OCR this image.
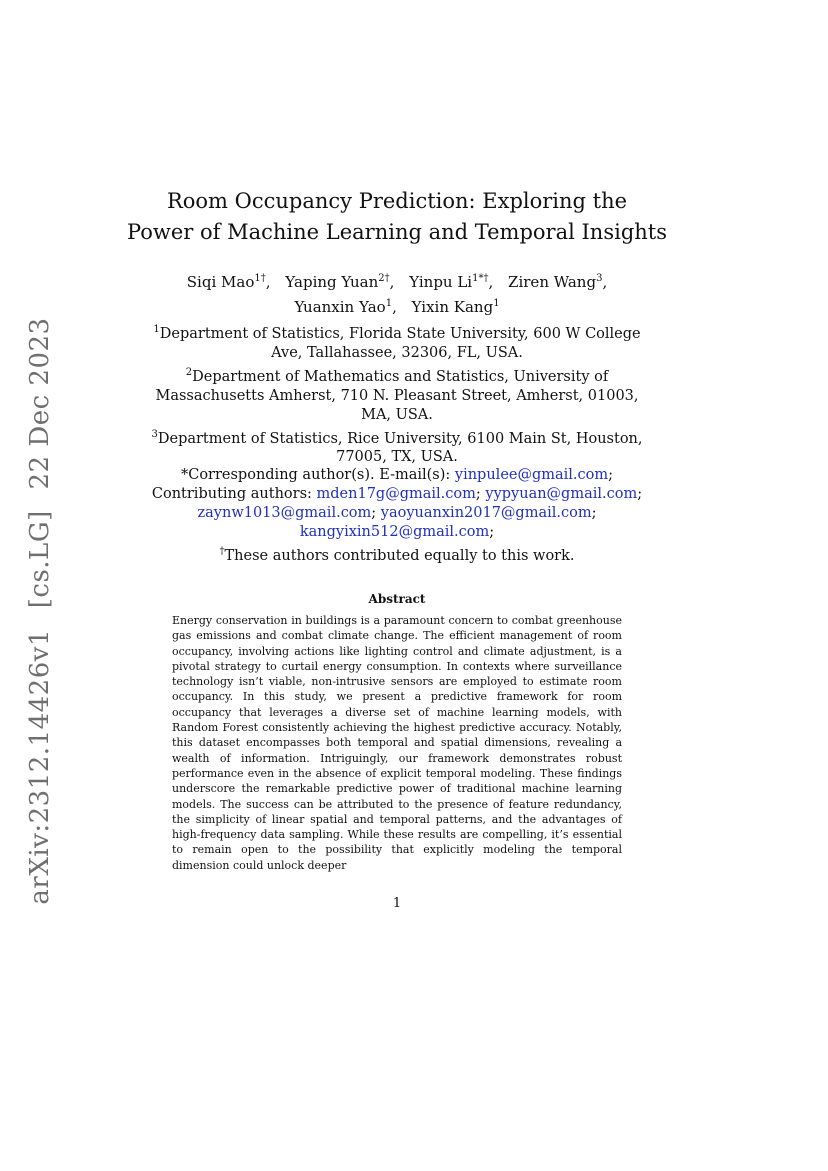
arXiv:2312.14426v1 [cs.LG] 22 Dec 2023
Room Occupancy Prediction: Exploring the
Power of Machine Learning and Temporal Insights
Siqi Mao$^{1\dagger}$, Yaping Yuan$^{2\dagger}$, Yinpu $Li^{1*\dagger}$, Ziren Wang$^3$,
Yuanxin Yao$^1$, Yixin Kang$^1$

$^1$Department of Statistics, Florida State University, 600 W College Ave, Tallahassee, 32306, FL, USA.

$^2$Department of Mathematics and Statistics, University of Massachusetts Amherst, 710 N. Pleasant Street, Amherst, 01003, MA, USA.

$^3$Department of Statistics, Rice University, 6100 Main St, Houston, 77005, TX, USA.

*Corresponding author(s). E-mail(s): yinpulee@gmail.com;

Contributing authors: mden17g@gmail.com; yypyuan@gmail.com;
zaynw1013@gmail.com; yaoyuanxin2017@gmail.com;
kangyixin512@gmail.com;

†These authors contributed equally to this work.

Abstract

Energy conservation in buildings is a paramount concern to combat greenhouse gas emissions and combat climate change. The efficient management of room occupancy, involving actions like lighting control and climate adjustment, is a pivotal strategy to curtail energy consumption. In contexts where surveillance technology isn’t viable, non-intrusive sensors are employed to estimate room occupancy. In this study, we present a predictive framework for room occupancy that leverages a diverse set of machine learning models, with Random Forest consistently achieving the highest predictive accuracy. Notably, this dataset encompasses both temporal and spatial dimensions, revealing a wealth of information. Intriguingly, our framework demonstrates robust performance even in the absence of explicit temporal modeling. These findings underscore the remarkable predictive power of traditional machine learning models. The success can be attributed to the presence of feature redundancy, the simplicity of linear spatial and temporal patterns, and the advantages of high-frequency data sampling. While these results are compelling, it’s essential to remain open to the possibility that explicitly modeling the temporal dimension could unlock deeper

1
